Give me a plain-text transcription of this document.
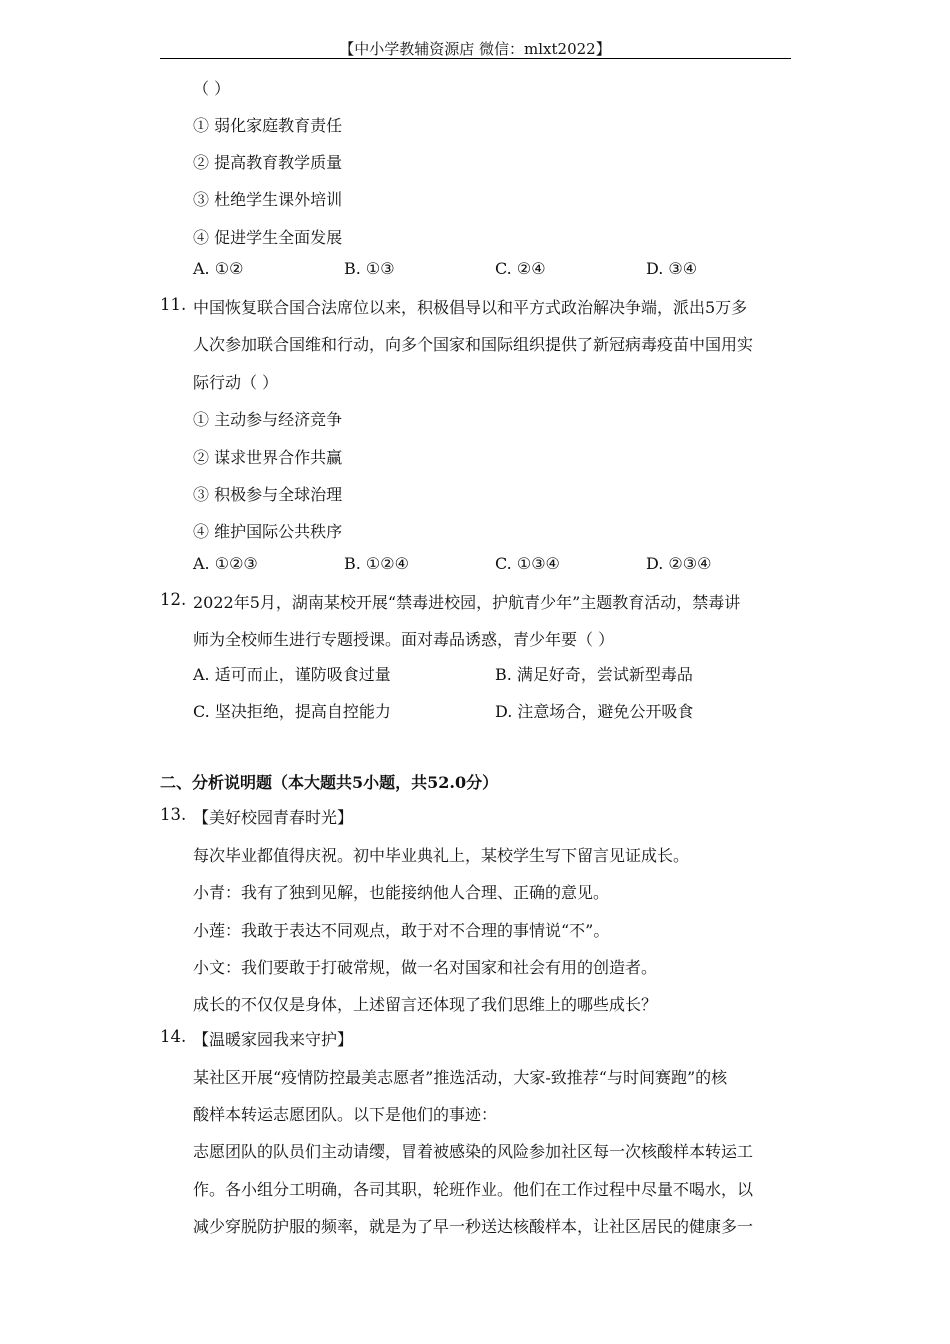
【中小学教辅资源店 微信：mlxt2022】
（ ）
① 弱化家庭教育责任
② 提高教育教学质量
③ 杜绝学生课外培训
④ 促进学生全面发展
A. ①②	B. ①③	C. ②④	D. ③④
11. 中国恢复联合国合法席位以来，积极倡导以和平方式政治解决争端，派出5万多
人次参加联合国维和行动，向多个国家和国际组织提供了新冠病毒疫苗中国用实
际行动（ ）
① 主动参与经济竞争
② 谋求世界合作共赢
③ 积极参与全球治理
④ 维护国际公共秩序
A. ①②③	B. ①②④	C. ①③④	D. ②③④
12. 2022年5月，湖南某校开展“禁毒进校园，护航青少年”主题教育活动，禁毒讲
师为全校师生进行专题授课。面对毒品诱惑，青少年要（ ）
A. 适可而止，谨防吸食过量	B. 满足好奇，尝试新型毒品
C. 坚决拒绝，提高自控能力	D. 注意场合，避免公开吸食
二、分析说明题（本大题共5小题，共52.0分）
13. 【美好校园青春时光】
每次毕业都值得庆祝。初中毕业典礼上，某校学生写下留言见证成长。
小青：我有了独到见解，也能接纳他人合理、正确的意见。
小莲：我敢于表达不同观点，敢于对不合理的事情说“不”。
小文：我们要敢于打破常规，做一名对国家和社会有用的创造者。
成长的不仅仅是身体，上述留言还体现了我们思维上的哪些成长？
14. 【温暖家园我来守护】
某社区开展“疫情防控最美志愿者”推选活动，大家-致推荐“与时间赛跑”的核
酸样本转运志愿团队。以下是他们的事迹：
志愿团队的队员们主动请缨，冒着被感染的风险参加社区每一次核酸样本转运工
作。各小组分工明确，各司其职，轮班作业。他们在工作过程中尽量不喝水，以
减少穿脱防护服的频率，就是为了早一秒送达核酸样本，让社区居民的健康多一
